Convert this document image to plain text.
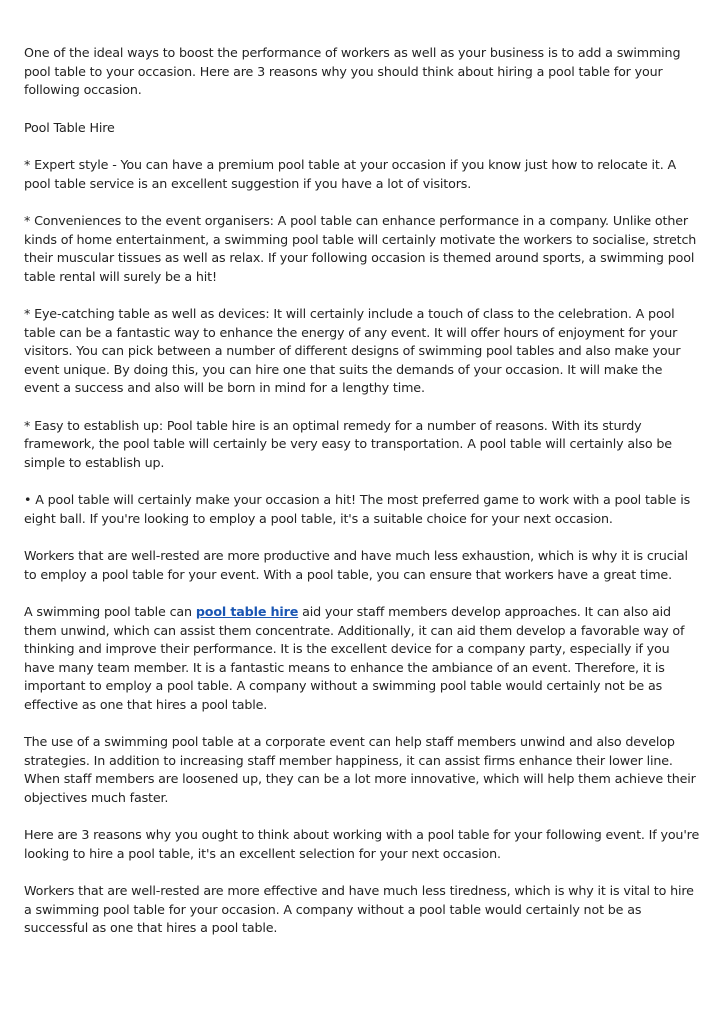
One of the ideal ways to boost the performance of workers as well as your business is to add a swimming pool table to your occasion. Here are 3 reasons why you should think about hiring a pool table for your following occasion.

Pool Table Hire

* Expert style - You can have a premium pool table at your occasion if you know just how to relocate it. A pool table service is an excellent suggestion if you have a lot of visitors.

* Conveniences to the event organisers: A pool table can enhance performance in a company. Unlike other kinds of home entertainment, a swimming pool table will certainly motivate the workers to socialise, stretch their muscular tissues as well as relax. If your following occasion is themed around sports, a swimming pool table rental will surely be a hit!

* Eye-catching table as well as devices: It will certainly include a touch of class to the celebration. A pool table can be a fantastic way to enhance the energy of any event. It will offer hours of enjoyment for your visitors. You can pick between a number of different designs of swimming pool tables and also make your event unique. By doing this, you can hire one that suits the demands of your occasion. It will make the event a success and also will be born in mind for a lengthy time.

* Easy to establish up: Pool table hire is an optimal remedy for a number of reasons. With its sturdy framework, the pool table will certainly be very easy to transportation. A pool table will certainly also be simple to establish up.

• A pool table will certainly make your occasion a hit! The most preferred game to work with a pool table is eight ball. If you're looking to employ a pool table, it's a suitable choice for your next occasion.

Workers that are well-rested are more productive and have much less exhaustion, which is why it is crucial to employ a pool table for your event. With a pool table, you can ensure that workers have a great time.

A swimming pool table can pool table hire aid your staff members develop approaches. It can also aid them unwind, which can assist them concentrate. Additionally, it can aid them develop a favorable way of thinking and improve their performance. It is the excellent device for a company party, especially if you have many team member. It is a fantastic means to enhance the ambiance of an event. Therefore, it is important to employ a pool table. A company without a swimming pool table would certainly not be as effective as one that hires a pool table.

The use of a swimming pool table at a corporate event can help staff members unwind and also develop strategies. In addition to increasing staff member happiness, it can assist firms enhance their lower line. When staff members are loosened up, they can be a lot more innovative, which will help them achieve their objectives much faster.

Here are 3 reasons why you ought to think about working with a pool table for your following event. If you're looking to hire a pool table, it's an excellent selection for your next occasion.

Workers that are well-rested are more effective and have much less tiredness, which is why it is vital to hire a swimming pool table for your occasion. A company without a pool table would certainly not be as successful as one that hires a pool table.
